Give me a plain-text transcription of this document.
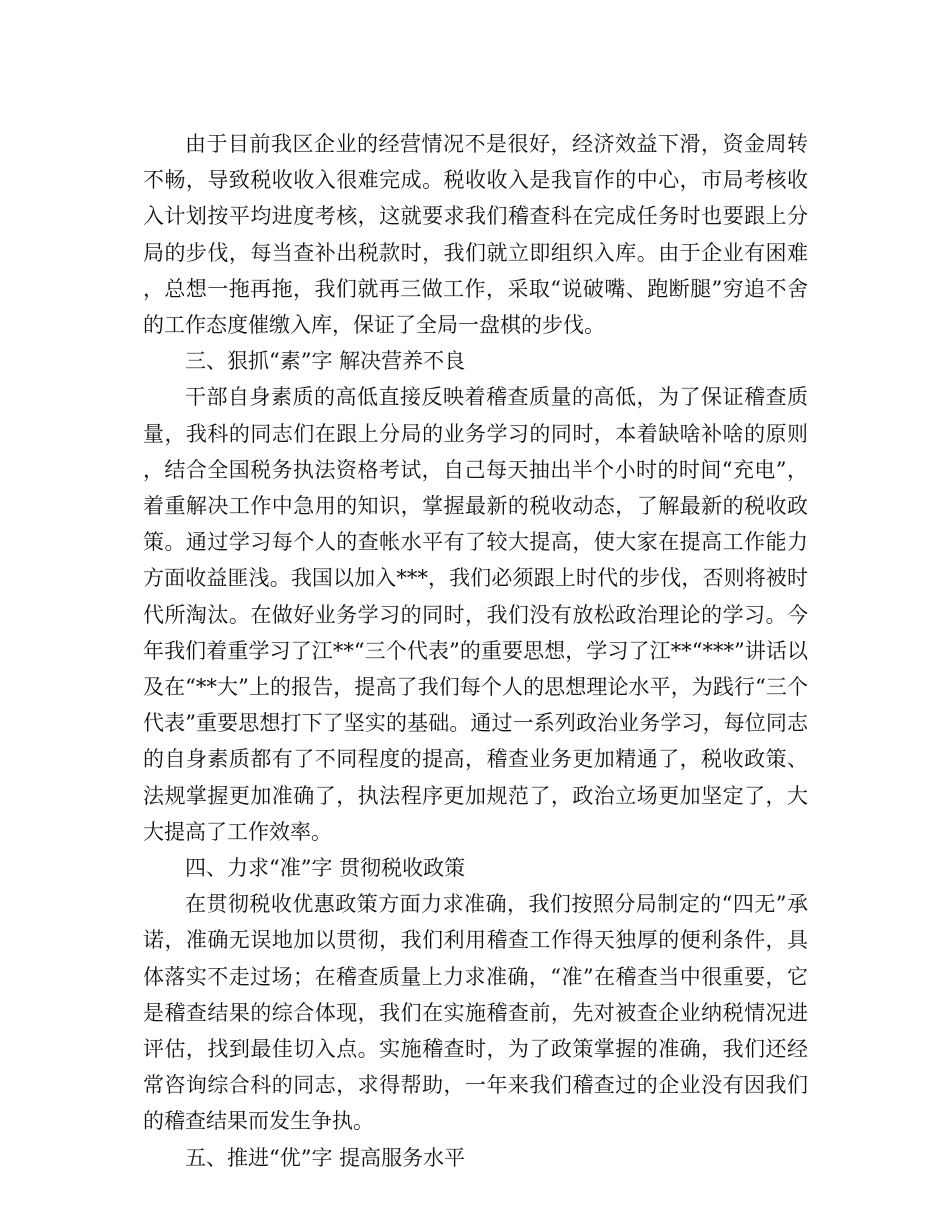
由于目前我区企业的经营情况不是很好，经济效益下滑，资金周转不畅，导致税收收入很难完成。税收收入是我盲作的中心，市局考核收入计划按平均进度考核，这就要求我们稽查科在完成任务时也要跟上分局的步伐，每当查补出税款时，我们就立即组织入库。由于企业有困难，总想一拖再拖，我们就再三做工作，采取“说破嘴、跑断腿”穷追不舍的工作态度催缴入库，保证了全局一盘棋的步伐。

三、狠抓“素”字 解决营养不良

干部自身素质的高低直接反映着稽查质量的高低，为了保证稽查质量，我科的同志们在跟上分局的业务学习的同时，本着缺啥补啥的原则，结合全国税务执法资格考试，自己每天抽出半个小时的时间“充电”，着重解决工作中急用的知识，掌握最新的税收动态，了解最新的税收政策。通过学习每个人的查帐水平有了较大提高，使大家在提高工作能力方面收益匪浅。我国以加入***，我们必须跟上时代的步伐，否则将被时代所淘汰。在做好业务学习的同时，我们没有放松政治理论的学习。今年我们着重学习了江**“三个代表”的重要思想，学习了江**“***”讲话以及在“**大”上的报告，提高了我们每个人的思想理论水平，为践行“三个代表”重要思想打下了坚实的基础。通过一系列政治业务学习，每位同志的自身素质都有了不同程度的提高，稽查业务更加精通了，税收政策、法规掌握更加准确了，执法程序更加规范了，政治立场更加坚定了，大大提高了工作效率。

四、力求“准”字 贯彻税收政策

在贯彻税收优惠政策方面力求准确，我们按照分局制定的“四无”承诺，准确无误地加以贯彻，我们利用稽查工作得天独厚的便利条件，具体落实不走过场；在稽查质量上力求准确，“准”在稽查当中很重要，它是稽查结果的综合体现，我们在实施稽查前，先对被查企业纳税情况进评估，找到最佳切入点。实施稽查时，为了政策掌握的准确，我们还经常咨询综合科的同志，求得帮助，一年来我们稽查过的企业没有因我们的稽查结果而发生争执。

五、推进“优”字 提高服务水平
